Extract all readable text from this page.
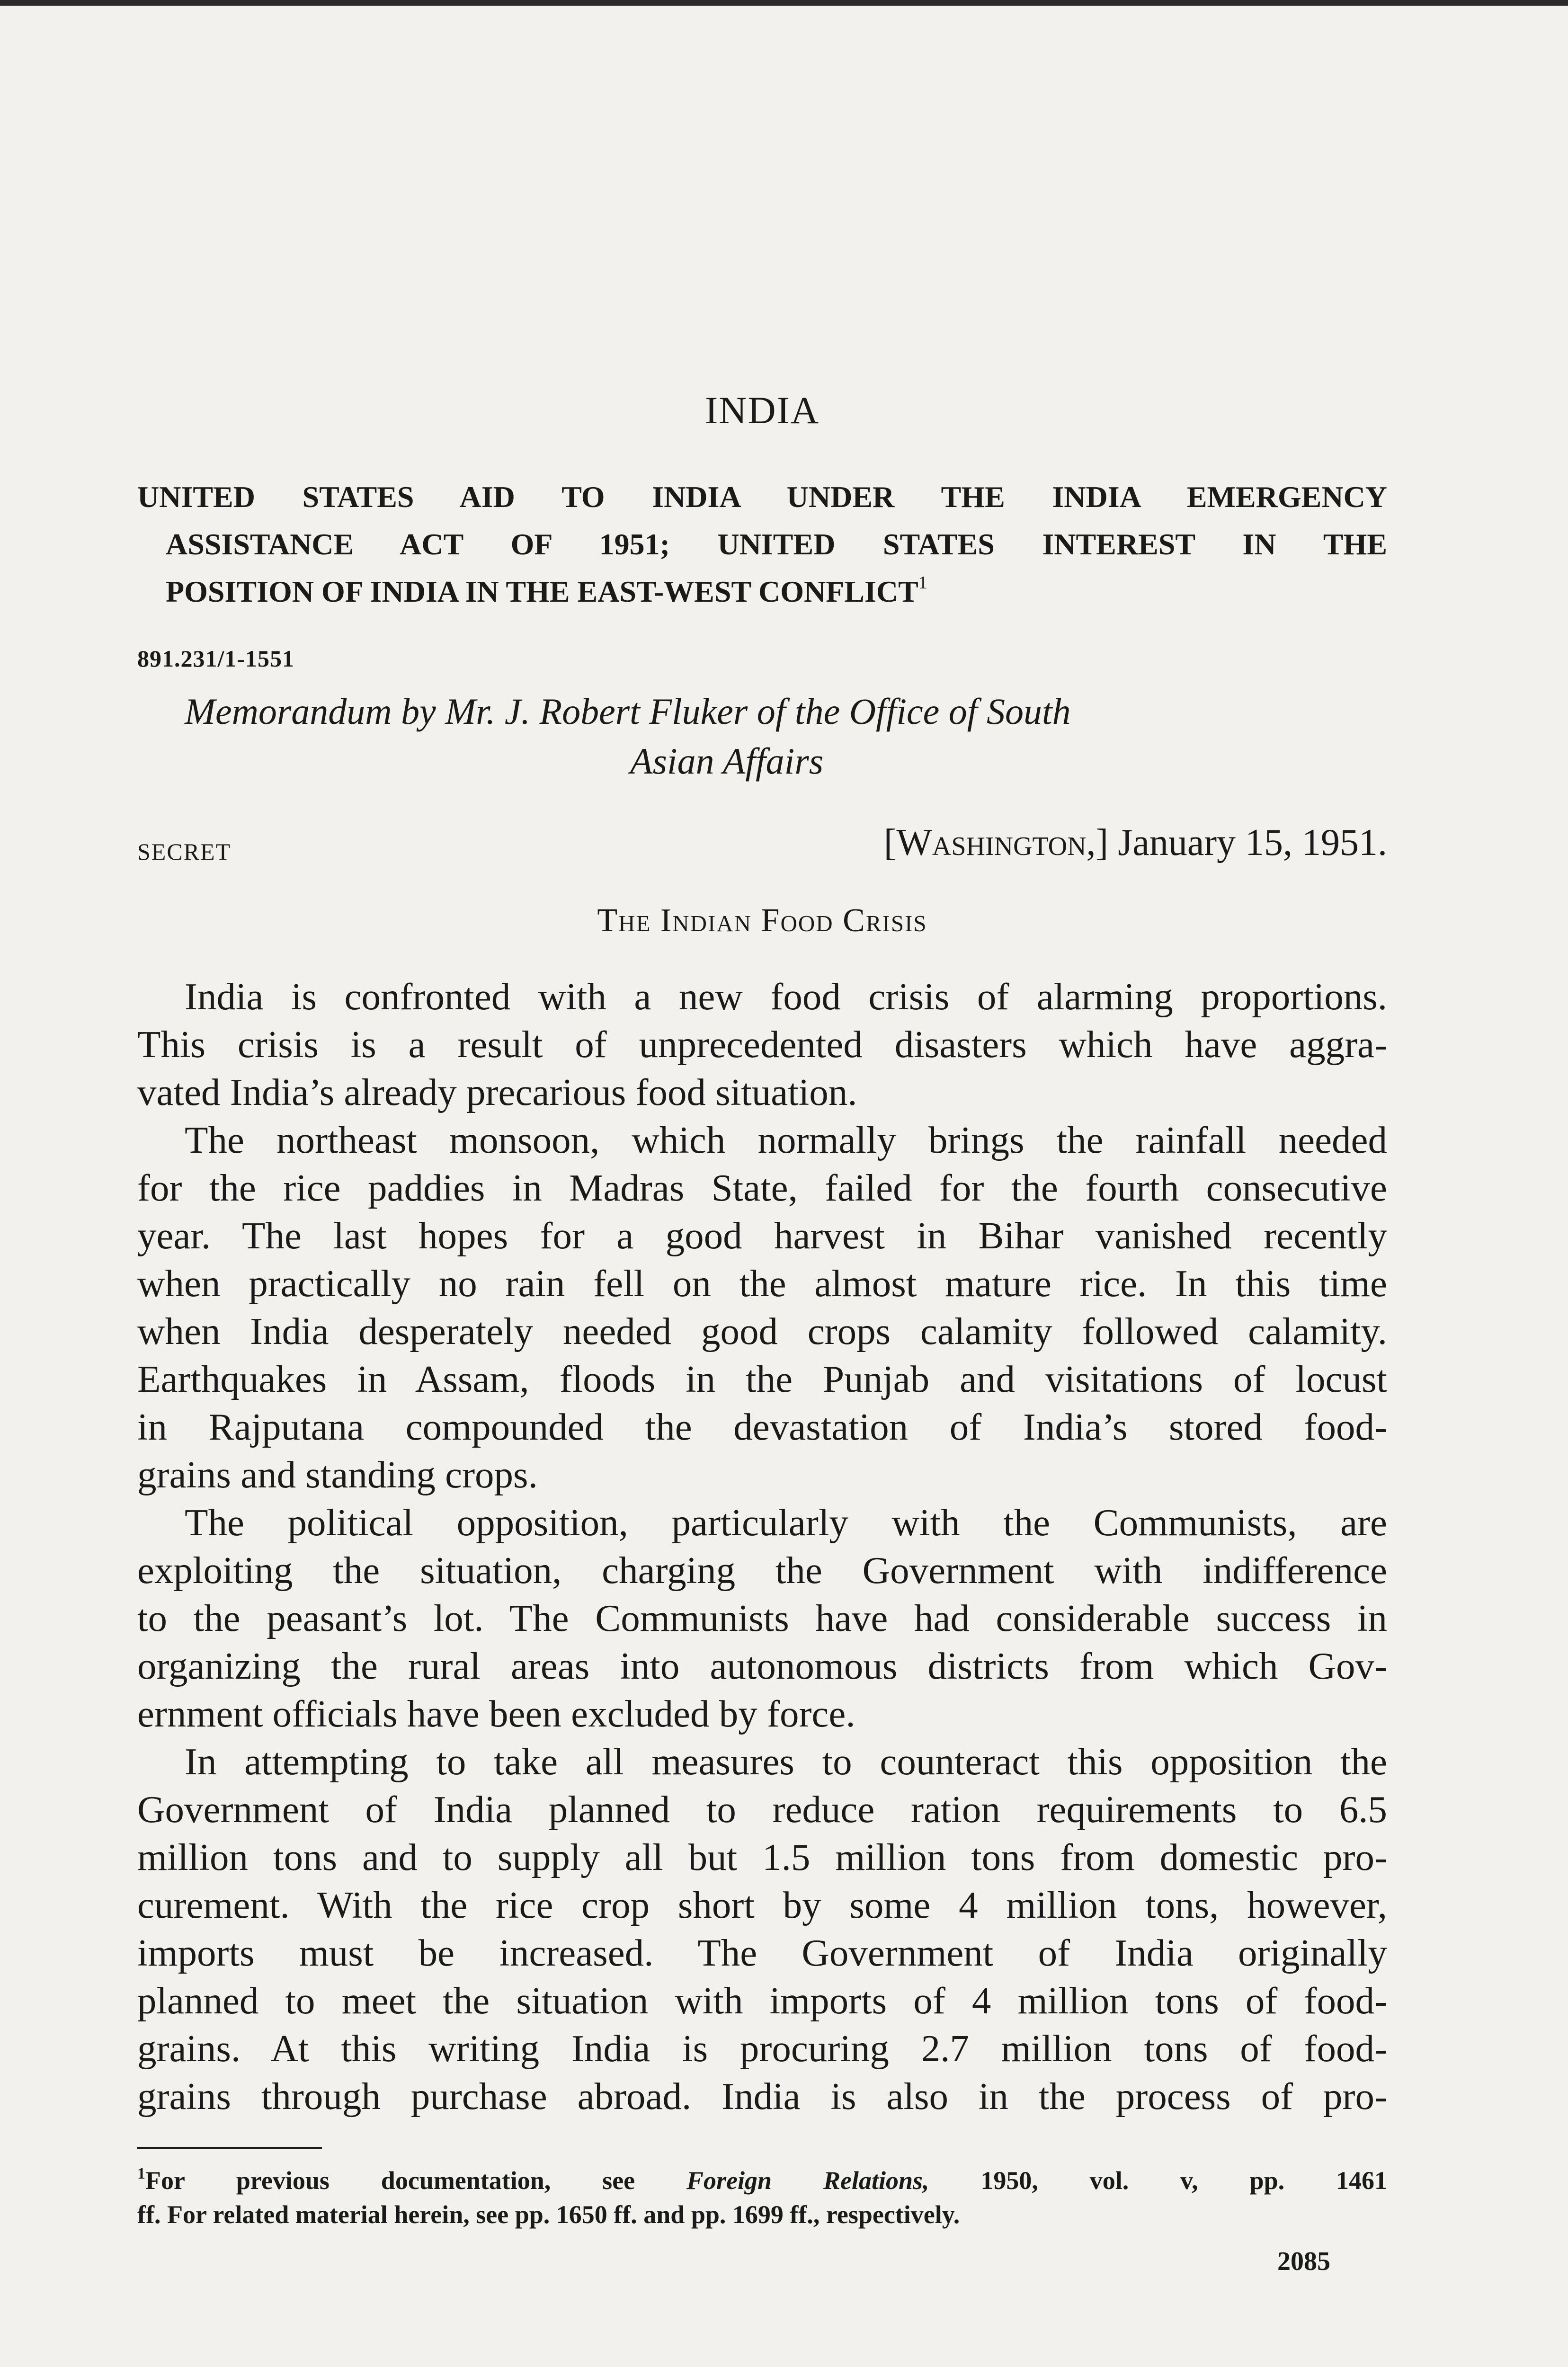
INDIA
UNITED STATES AID TO INDIA UNDER THE INDIA EMERGENCY
ASSISTANCE ACT OF 1951; UNITED STATES INTEREST IN THE
POSITION OF INDIA IN THE EAST-WEST CONFLICT$^1$
891.231/1-1551
Memorandum by Mr. J. Robert Fluker of the Office of South
Asian Affairs
SECRET	[Washington,] January 15, 1951.
The Indian Food Crisis
India is confronted with a new food crisis of alarming proportions.
This crisis is a result of unprecedented disasters which have aggra-
vated India’s already precarious food situation.
The northeast monsoon, which normally brings the rainfall needed
for the rice paddies in Madras State, failed for the fourth consecutive
year. The last hopes for a good harvest in Bihar vanished recently
when practically no rain fell on the almost mature rice. In this time
when India desperately needed good crops calamity followed calamity.
Earthquakes in Assam, floods in the Punjab and visitations of locust
in Rajputana compounded the devastation of India’s stored food-
grains and standing crops.
The political opposition, particularly with the Communists, are
exploiting the situation, charging the Government with indifference
to the peasant’s lot. The Communists have had considerable success in
organizing the rural areas into autonomous districts from which Gov-
ernment officials have been excluded by force.
In attempting to take all measures to counteract this opposition the
Government of India planned to reduce ration requirements to 6.5
million tons and to supply all but 1.5 million tons from domestic pro-
curement. With the rice crop short by some 4 million tons, however,
imports must be increased. The Government of India originally
planned to meet the situation with imports of 4 million tons of food-
grains. At this writing India is procuring 2.7 million tons of food-
grains through purchase abroad. India is also in the process of pro-
$^1$For previous documentation, see Foreign Relations, 1950, vol. v, pp. 1461
ff. For related material herein, see pp. 1650 ff. and pp. 1699 ff., respectively.
2085
